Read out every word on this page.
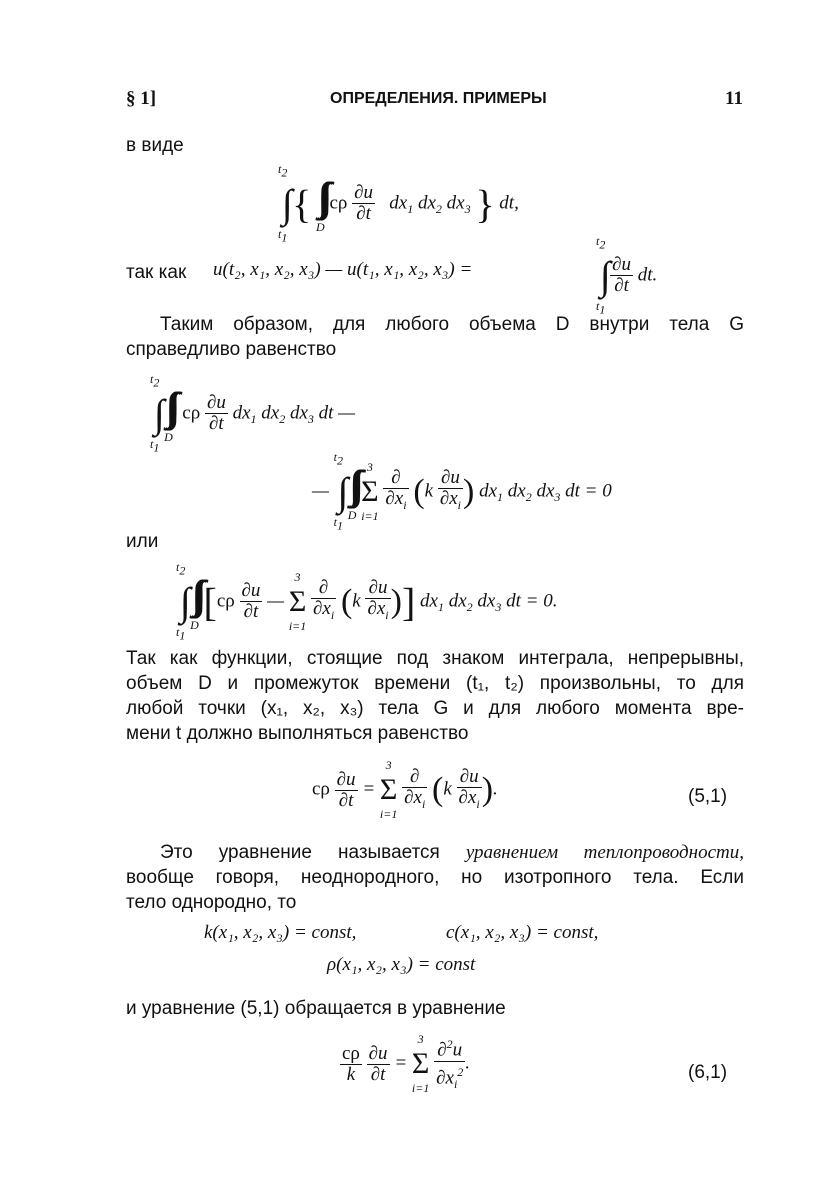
§ 1]	ОПРЕДЕЛЕНИЯ. ПРИМЕРЫ	11
в виде
$t_2$
∫
$t_1$
{ ∫∫∫
D
cρ $\frac{\partial u}{\partial t} dx_1$ $dx_2$ $dx_3$ } dt,
так как u(t₂, x₁, x₂, x₃) — u(t₁, x₁, x₂, x₃) =
$t_2$
∫
$t_1$

$\frac{\partial u}{\partial t}$ dt.
Таким образом, для любого объема D внутри тела G
справедливо равенство
$t_2$
∫
$t_1$
∫∫∫
D
cρ $\frac{\partial u}{\partial t} dx_1$ $dx_2$ $dx_3$ dt —
—
$t_2$
∫
$t_1$
∫∫∫
D

3
Σ
i=1

$\frac{\partial}{\partial x_i} (k \frac{\partial u}{\partial x_i}$ ) $dx_1$ $dx_2$ $dx_3$ dt = 0
или
$t_2$
∫
$t_1$
∫∫∫
D
[$c\rho \frac{\partial u}{\partial t}$ —
3
Σ
i=1

$\frac{\partial}{\partial x_i} (k \frac{\partial u}{\partial x_i}$ )] $dx_1$ $dx_2$ $dx_3$ dt = 0.
Так как функции, стоящие под знаком интеграла, непрерывны,
объем D и промежуток времени (t₁, t₂) произвольны, то для
любой точки (x₁, x₂, x₃) тела G и для любого момента вре-
мени t должно выполняться равенство
cρ $\frac{\partial u}{\partial t}$ =
3
Σ
i=1

$\frac{\partial}{\partial x_i} (k \frac{\partial u}{\partial x_i}$ ).	(5,1)
Это уравнение называется уравнением теплопроводности,
вообще говоря, неоднородного, но изотропного тела. Если
тело однородно, то
k(x₁, x₂, x₃) = const,	c(x₁, x₂, x₃) = const,
ρ(x₁, x₂, x₃) = const
и уравнение (5,1) обращается в уравнение
$\frac{c\rho}{k}$
$\frac{\partial u}{\partial t}$ =
3
Σ
i=1
$\frac{\partial^2u}{\partial x_i^2}$ .	(6,1)
